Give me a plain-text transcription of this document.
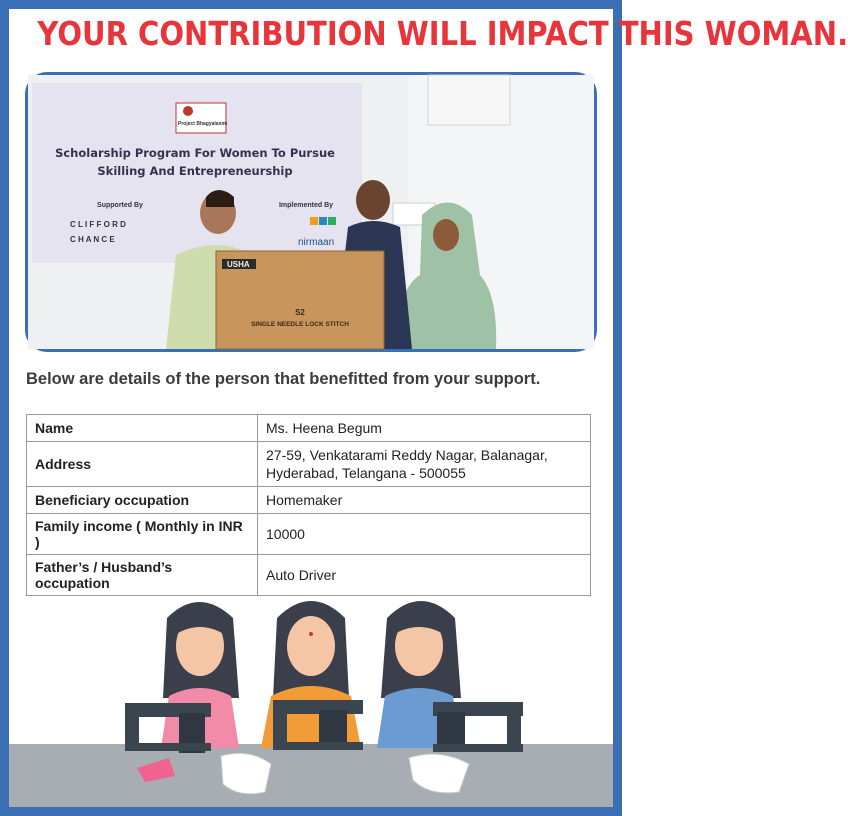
YOUR CONTRIBUTION WILL IMPACT THIS WOMAN.
Project Bhagyalaxmi
Scholarship Program For Women To Pursue
Skilling And Entrepreneurship
Supported By
C L I F F O R D
C H A N C E
Implemented By
nirmaan
USHA
S2
SINGLE NEEDLE LOCK STITCH
Below are details of the person that benefitted from your support.
Name	Ms. Heena Begum
Address	27-59, Venkatarami Reddy Nagar, Balanagar, Hyderabad, Telangana - 500055
Beneficiary occupation	Homemaker
Family income ( Monthly in INR )	10000
Father’s / Husband’s occupation	Auto Driver
